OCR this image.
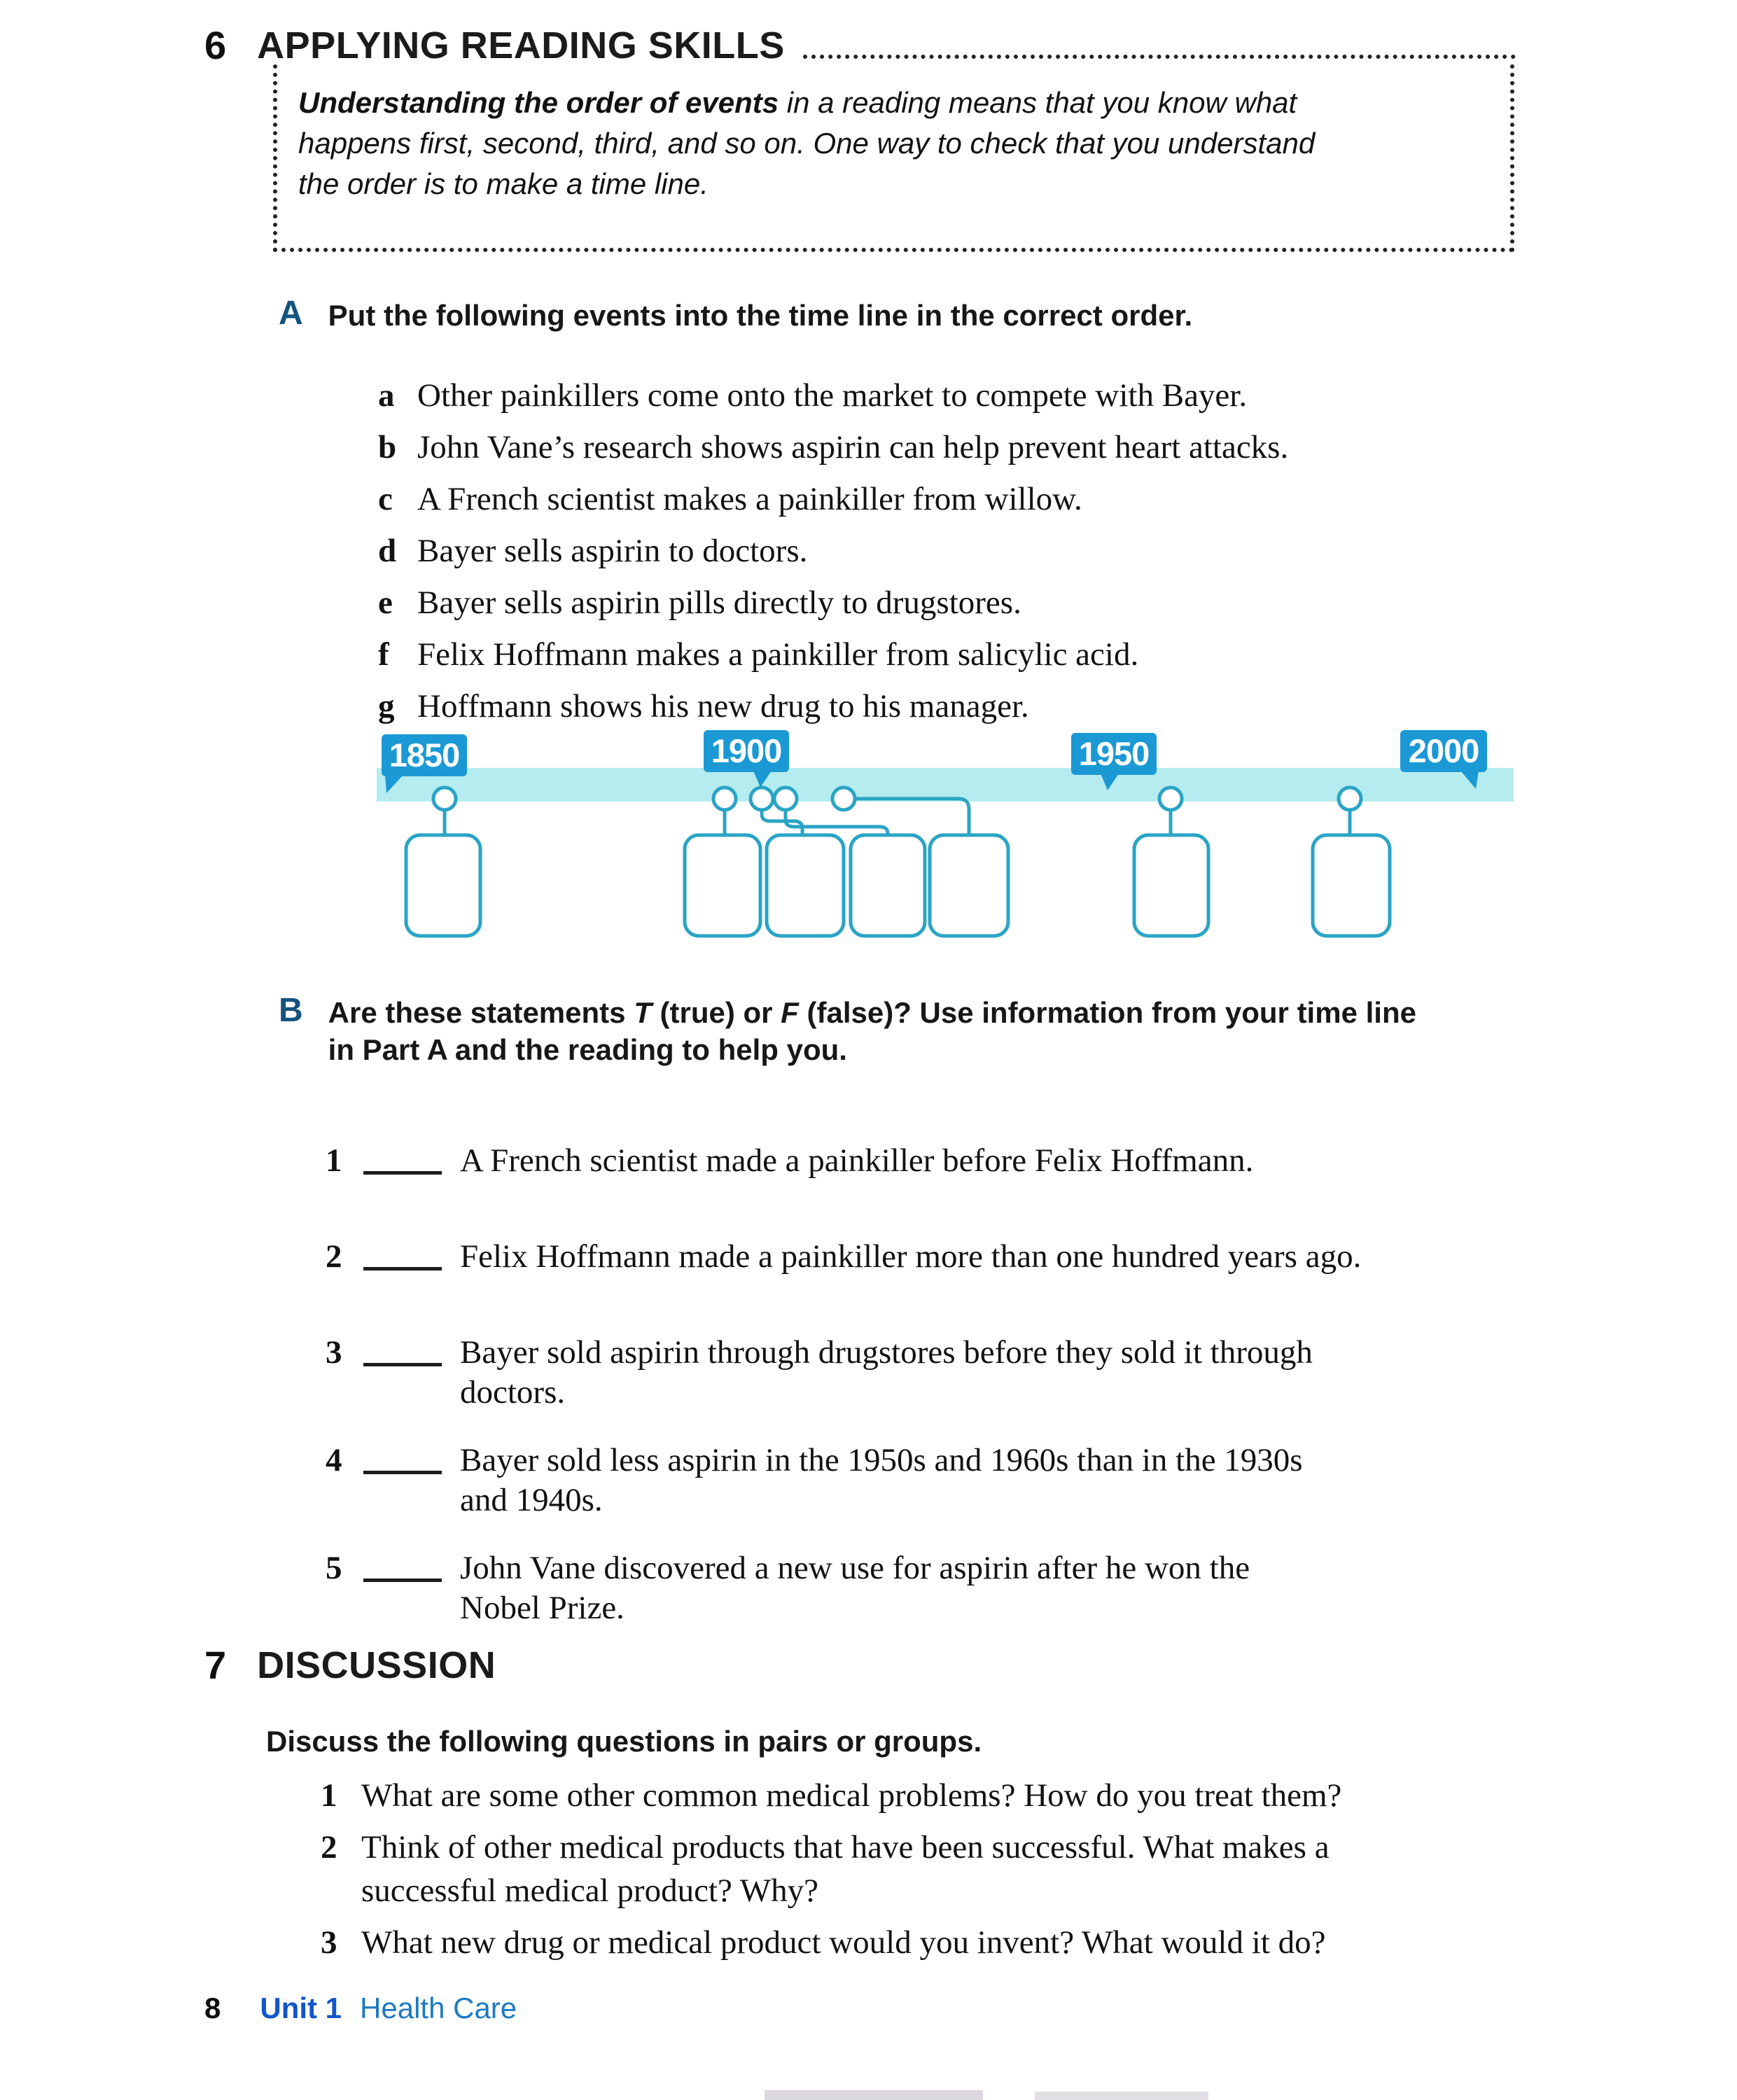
6 APPLYING READING SKILLS
Understanding the order of events in a reading means that you know what
happens first, second, third, and so on. One way to check that you understand
the order is to make a time line.
A Put the following events into the time line in the correct order.
a Other painkillers come onto the market to compete with Bayer.
b John Vane’s research shows aspirin can help prevent heart attacks.
c A French scientist makes a painkiller from willow.
d Bayer sells aspirin to doctors.
e Bayer sells aspirin pills directly to drugstores.
f Felix Hoffmann makes a painkiller from salicylic acid.
g Hoffmann shows his new drug to his manager.
1850	1900	1950	2000
B Are these statements T (true) or F (false)? Use information from your time line
in Part A and the reading to help you.
1	A French scientist made a painkiller before Felix Hoffmann.
2	Felix Hoffmann made a painkiller more than one hundred years ago.
3	Bayer sold aspirin through drugstores before they sold it through
doctors.
4	Bayer sold less aspirin in the 1950s and 1960s than in the 1930s
and 1940s.
5	John Vane discovered a new use for aspirin after he won the
Nobel Prize.
7 DISCUSSION
Discuss the following questions in pairs or groups.
1 What are some other common medical problems? How do you treat them?
2 Think of other medical products that have been successful. What makes a
successful medical product? Why?
3 What new drug or medical product would you invent? What would it do?
8 Unit 1 Health Care
